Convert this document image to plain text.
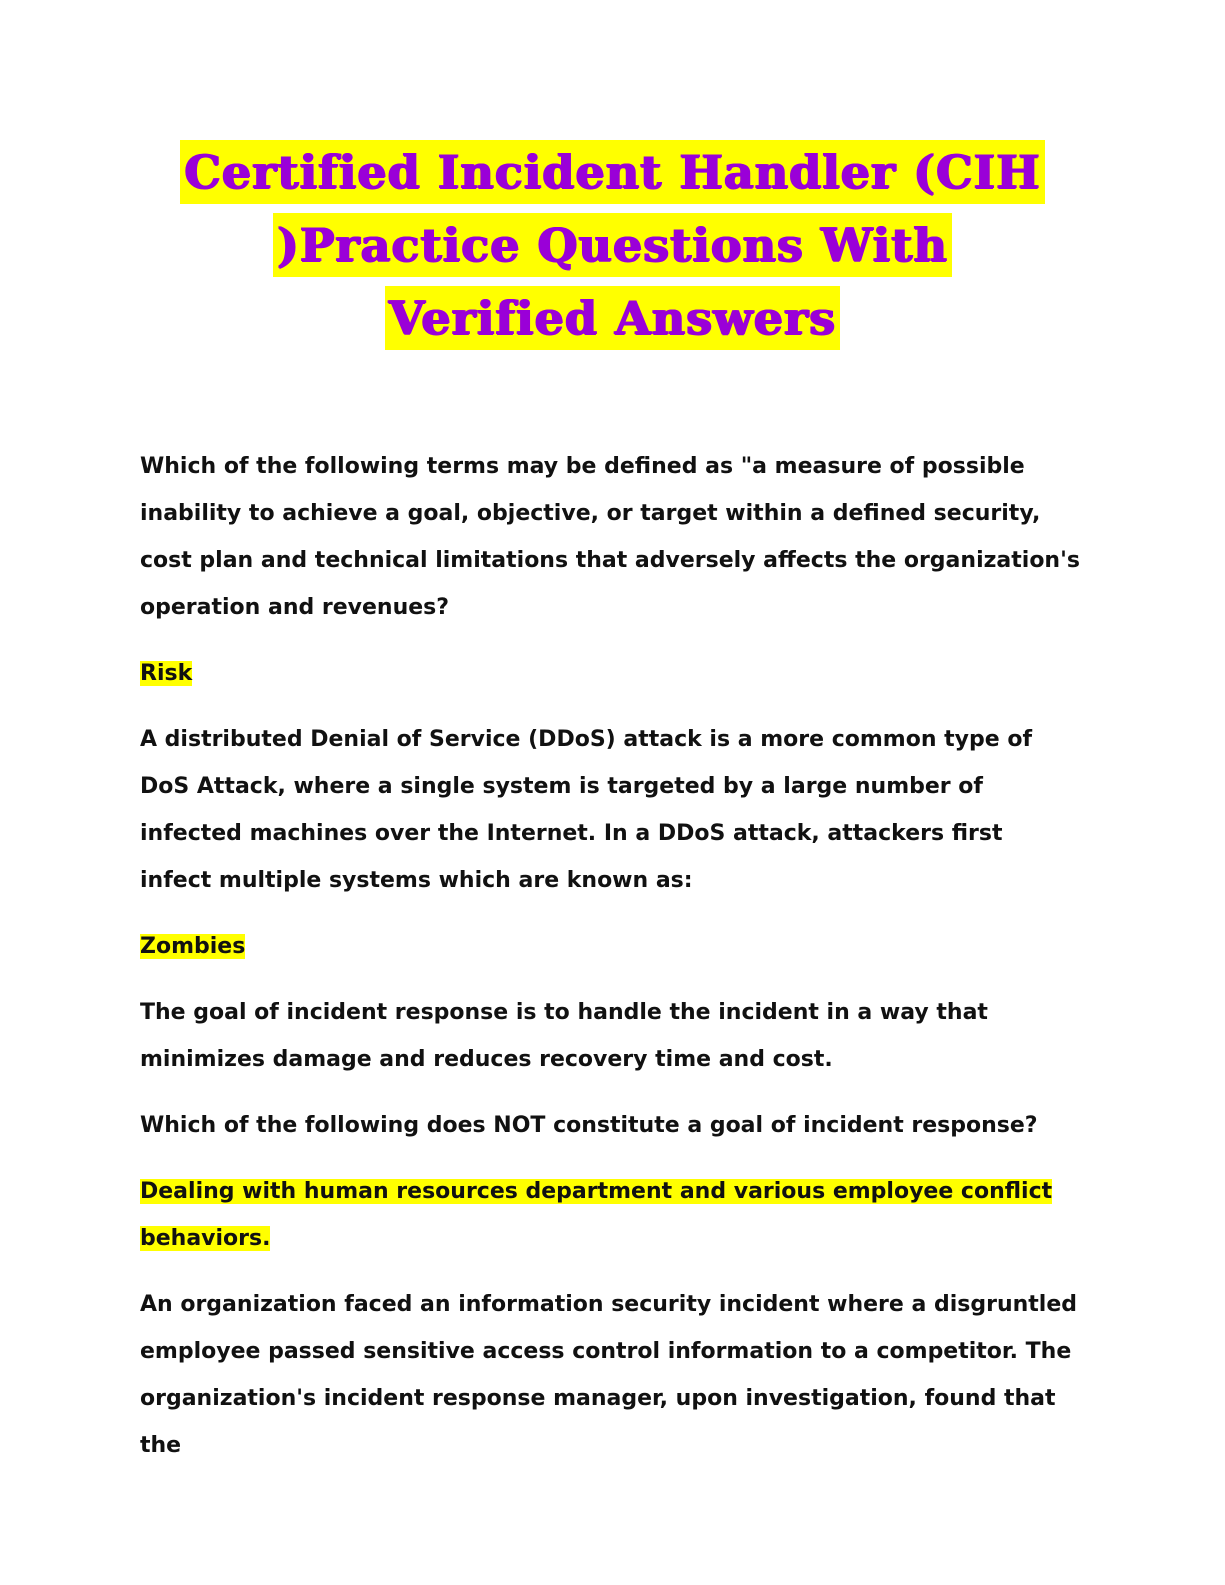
Certified Incident Handler (CIH
)Practice Questions With
Verified Answers

Which of the following terms may be defined as "a measure of possible inability to achieve a goal, objective, or target within a defined security, cost plan and technical limitations that adversely affects the organization's operation and revenues?

Risk

A distributed Denial of Service (DDoS) attack is a more common type of DoS Attack, where a single system is targeted by a large number of infected machines over the Internet. In a DDoS attack, attackers first infect multiple systems which are known as:

Zombies

The goal of incident response is to handle the incident in a way that minimizes damage and reduces recovery time and cost.

Which of the following does NOT constitute a goal of incident response?

Dealing with human resources department and various employee conflict behaviors.

An organization faced an information security incident where a disgruntled employee passed sensitive access control information to a competitor. The organization's incident response manager, upon investigation, found that the
